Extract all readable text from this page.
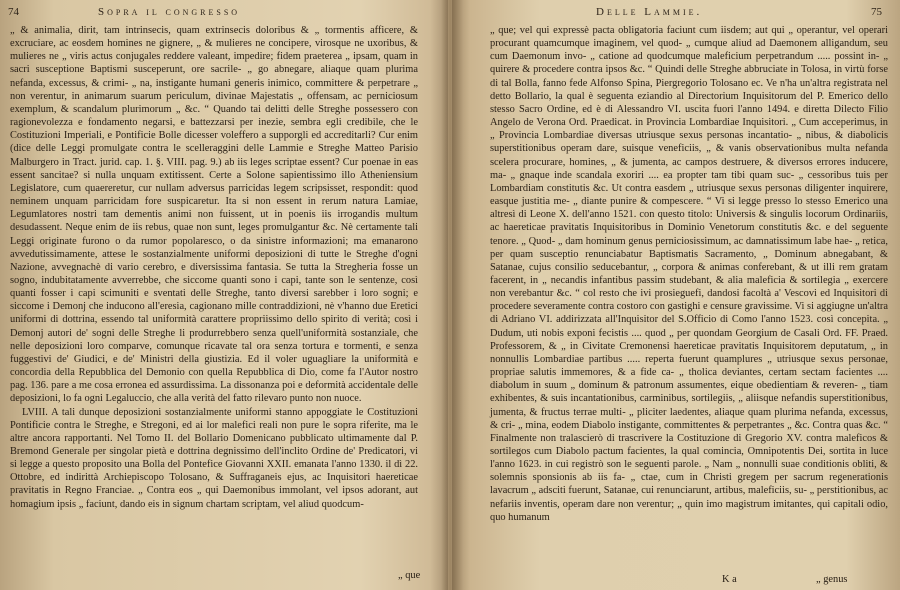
74	Sopra il congresso

„ & animalia, dirit, tam intrinsecis, quam extrinsecis doloribus & „ tormentis afficere, & excruciare, ac eosdem homines ne gignere, „ & mulieres ne concipere, virosque ne uxoribus, & mulieres ne „ viris actus conjugales reddere valeant, impedire; fidem praeterea „ ipsam, quam in sacri susceptione Baptismi susceperunt, ore sacrile- „ go abnegare, aliaque quam plurima nefanda, excessus, & crimi- „ na, instigante humani generis inimico, committere & perpetrare „ non verentur, in animarum suarum periculum, divinae Majestatis „ offensam, ac perniciosum exemplum, & scandalum plurimorum „ &c. “ Quando tai delitti delle Streghe possessero con ragionevolezza e fondamento negarsi, e battezzarsi per inezie, sembra egli credibile, che le Costituzioni Imperiali, e Pontificie Bolle dicesser voleffero a supporgli ed accreditarli? Cur enim (dice delle Leggi promulgate contra le scelleraggini delle Lammie e Streghe Matteo Parisio Malburgero in Tract. jurid. cap. 1. §. VIII. pag. 9.) ab iis leges scriptae essent? Cur poenae in eas essent sancitae? si nulla unquam extitissent. Certe a Solone sapientissimo illo Atheniensium Legislatore, cum quaereretur, cur nullam adversus parricidas legem scripsisset, respondit: quod neminem unquam parricidam fore suspicaretur. Ita si non essent in rerum natura Lamiae, Legumlatores nostri tam dementis animi non fuissent, ut in poenis iis irrogandis multum desudassent. Neque enim de iis rebus, quae non sunt, leges promulgantur &c. Nè certamente tali Leggi originate furono o da rumor popolaresco, o da sinistre informazioni; ma emanarono avvedutissimamente, attese le sostanzialmente uniformi deposizioni di tutte le Streghe d'ogni Nazione, avvegnachè di vario cerebro, e diversissima fantasia. Se tutta la Stregheria fosse un sogno, indubitatamente avverrebbe, che siccome quanti sono i capi, tante son le sentenze, così quanti fosser i capi scimuniti e sventati delle Streghe, tanto diversi sarebber i loro sogni; e siccome i Demonj che inducono all'eresia, cagionano mille contraddizioni, nè v'hanno due Eretici uniformi di dottrina, essendo tal uniformità carattere propriissimo dello spirito di verità; così i Demonj autori de' sogni delle Streghe li produrrebbero senza quell'uniformità sostanziale, che nelle deposizioni loro comparve, comunque ricavate tal ora senza tortura e tormenti, e senza fuggestivi de' Giudici, e de' Ministri della giustizia. Ed il voler uguagliare la uniformità e concordia della Repubblica del Demonio con quella Repubblica di Dio, come fa l'Autor nostro pag. 136. pare a me cosa erronea ed assurdissima. La dissonanza poi e deformità accidentale delle deposizioni, lo fa ogni Legaluccio, che alla verità del fatto rilevaro punto non nuoce.

LVIII. A tali dunque deposizioni sostanzialmente uniformi stanno appoggiate le Costituzioni Pontificie contra le Streghe, e Stregoni, ed ai lor malefici reali non pure le sopra riferite, ma le altre ancora rapportanti. Nel Tomo II. del Bollario Domenicano pubblicato ultimamente dal P. Bremond Generale per singolar pietà e dottrina degnissimo dell'inclito Ordine de' Predicatori, vi si legge a questo proposito una Bolla del Pontefice Giovanni XXII. emanata l'anno 1330. il dì 22. Ottobre, ed indirittà Archiepiscopo Tolosano, & Suffraganeis ejus, ac Inquisitori haereticae pravitatis in Regno Franciae. „ Contra eos „ qui Daemonibus immolant, vel ipsos adorant, aut homagium ipsis „ faciunt, dando eis in signum chartam scriptam, vel aliud quodcum-

„ que
Delle Lammie.	75

„ que; vel qui expressè pacta obligatoria faciunt cum iisdem; aut qui „ operantur, vel operari procurant quamcumque imaginem, vel quod- „ cumque aliud ad Daemonem alligandum, seu cum Daemonum invo- „ catione ad quodcumque maleficium perpetrandum ..... possint in- „ quirere & procedere contra ipsos &c. “ Quindi delle Streghe abbruciate in Tolosa, in virtù forse di tal Bolla, fanno fede Alfonso Spina, Piergregorio Tolosano ec. Ve n'ha un'altra registrata nel detto Bollario, la qual è seguenta eziandio al Directorium Inquisitorum del P. Emerico dello stesso Sacro Ordine, ed è di Alessandro VI. uscita fuori l'anno 1494. e diretta Dilecto Filio Angelo de Verona Ord. Praedicat. in Provincia Lombardiae Inquisitori. „ Cum acceperimus, in „ Provincia Lombardiae diversas utriusque sexus personas incantatio- „ nibus, & diabolicis superstitionibus operam dare, suisque veneficiis, „ & vanis observationibus multa nefanda scelera procurare, homines, „ & jumenta, ac campos destruere, & diversos errores inducere, ma- „ gnaque inde scandala exoriri .... ea propter tam tibi quam suc- „ cessoribus tuis per Lombardiam constitutis &c. Ut contra easdem „ utriusque sexus personas diligenter inquirere, easque justitia me- „ diante punire & compescere. “ Vi si legge presso lo stesso Emerico una altresì di Leone X. dell'anno 1521. con questo titolo: Universis & singulis locorum Ordinariis, ac haereticae pravitatis Inquisitoribus in Dominio Venetorum constitutis &c. e del seguente tenore. „ Quod- „ dam hominum genus perniciosissimum, ac damnatissimum labe hae- „ retica, per quam susceptio renunciabatur Baptismatis Sacramento, „ Dominum abnegabant, & Satanae, cujus consilio seducebantur, „ corpora & animas conferebant, & ut illi rem gratam facerent, in „ necandis infantibus passim studebant, & alia maleficia & sortilegia „ exercere non verebantur &c. “ col resto che ivi prosieguefi, dandosi facoltà a' Vescovi ed Inquisitori di procedere severamente contra costoro con gastighi e censure gravissime. Vi si aggiugne un'altra di Adriano VI. addirizzata all'Inquisitor del S.Officio di Como l'anno 1523. così concepita. „ Dudum, uti nobis exponi fecistis .... quod „ per quondam Georgium de Casali Ord. FF. Praed. Professorem, & „ in Civitate Cremonensi haereticae pravitatis Inquisitorem deputatum, „ in nonnullis Lombardiae partibus ..... reperta fuerunt quamplures „ utriusque sexus personae, propriae salutis immemores, & a fide ca- „ tholica deviantes, certam sectam facientes .... diabolum in suum „ dominum & patronum assumentes, eique obedientiam & reveren- „ tiam exhibentes, & suis incantationibus, carminibus, sortilegiis, „ aliisque nefandis superstitionibus, jumenta, & fructus terrae multi- „ pliciter laedentes, aliaque quam plurima nefanda, excessus, & cri- „ mina, eodem Diabolo instigante, committentes & perpetrantes „ &c. Contra quas &c. “ Finalmente non tralascierò di trascrivere la Costituzione di Gregorio XV. contra maleficos & sortilegos cum Diabolo pactum facientes, la qual comincia, Omnipotentis Dei, sortita in luce l'anno 1623. in cui registrò son le seguenti parole. „ Nam „ nonnulli suae conditionis obliti, & solemnis sponsionis ab iis fa- „ ctae, cum in Christi gregem per sacrum regenerationis lavacrum „ adsciti fuerunt, Satanae, cui renunciarunt, artibus, maleficiis, su- „ perstitionibus, ac nefariis inventis, operam dare non verentur; „ quin imo magistrum imitantes, qui capitali odio, quo humanum

K a	„ genus
